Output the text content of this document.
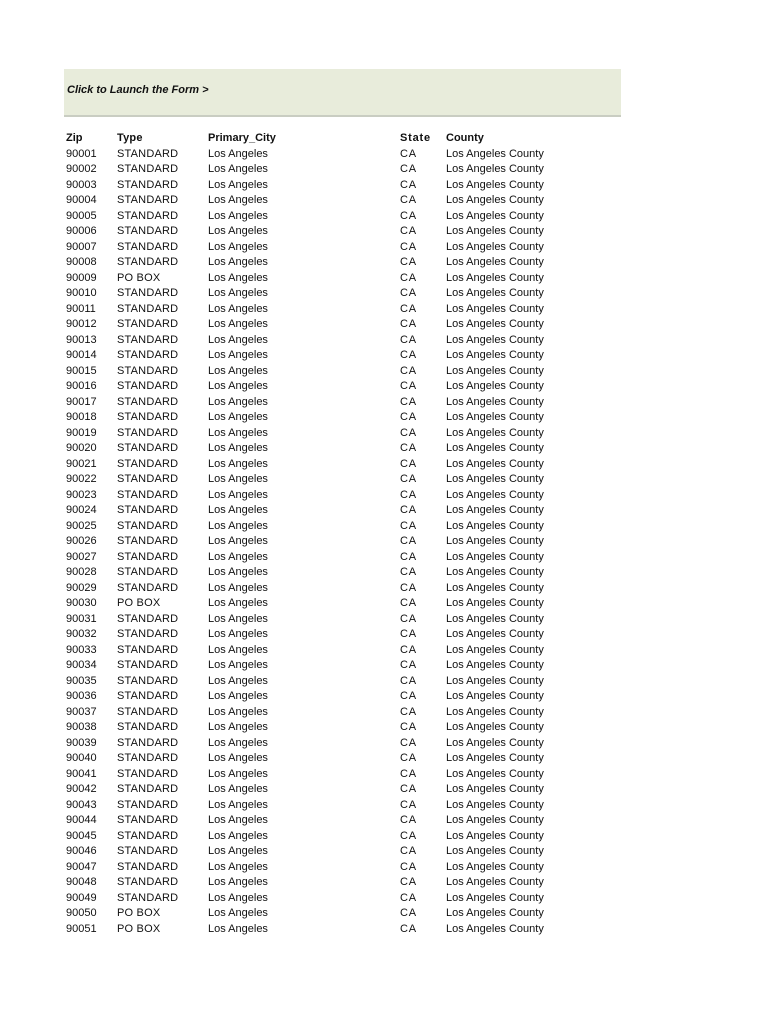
Click to Launch the Form >
Zip	Type	Primary_City	State County
90001 STANDARD	Los Angeles	CA	Los Angeles County
90002 STANDARD	Los Angeles	CA	Los Angeles County
90003 STANDARD	Los Angeles	CA	Los Angeles County
90004 STANDARD	Los Angeles	CA	Los Angeles County
90005 STANDARD	Los Angeles	CA	Los Angeles County
90006 STANDARD	Los Angeles	CA	Los Angeles County
90007 STANDARD	Los Angeles	CA	Los Angeles County
90008 STANDARD	Los Angeles	CA	Los Angeles County
90009 PO BOX	Los Angeles	CA	Los Angeles County
90010 STANDARD	Los Angeles	CA	Los Angeles County
90011 STANDARD	Los Angeles	CA	Los Angeles County
90012 STANDARD	Los Angeles	CA	Los Angeles County
90013 STANDARD	Los Angeles	CA	Los Angeles County
90014 STANDARD	Los Angeles	CA	Los Angeles County
90015 STANDARD	Los Angeles	CA	Los Angeles County
90016 STANDARD	Los Angeles	CA	Los Angeles County
90017 STANDARD	Los Angeles	CA	Los Angeles County
90018 STANDARD	Los Angeles	CA	Los Angeles County
90019 STANDARD	Los Angeles	CA	Los Angeles County
90020 STANDARD	Los Angeles	CA	Los Angeles County
90021 STANDARD	Los Angeles	CA	Los Angeles County
90022 STANDARD	Los Angeles	CA	Los Angeles County
90023 STANDARD	Los Angeles	CA	Los Angeles County
90024 STANDARD	Los Angeles	CA	Los Angeles County
90025 STANDARD	Los Angeles	CA	Los Angeles County
90026 STANDARD	Los Angeles	CA	Los Angeles County
90027 STANDARD	Los Angeles	CA	Los Angeles County
90028 STANDARD	Los Angeles	CA	Los Angeles County
90029 STANDARD	Los Angeles	CA	Los Angeles County
90030 PO BOX	Los Angeles	CA	Los Angeles County
90031 STANDARD	Los Angeles	CA	Los Angeles County
90032 STANDARD	Los Angeles	CA	Los Angeles County
90033 STANDARD	Los Angeles	CA	Los Angeles County
90034 STANDARD	Los Angeles	CA	Los Angeles County
90035 STANDARD	Los Angeles	CA	Los Angeles County
90036 STANDARD	Los Angeles	CA	Los Angeles County
90037 STANDARD	Los Angeles	CA	Los Angeles County
90038 STANDARD	Los Angeles	CA	Los Angeles County
90039 STANDARD	Los Angeles	CA	Los Angeles County
90040 STANDARD	Los Angeles	CA	Los Angeles County
90041 STANDARD	Los Angeles	CA	Los Angeles County
90042 STANDARD	Los Angeles	CA	Los Angeles County
90043 STANDARD	Los Angeles	CA	Los Angeles County
90044 STANDARD	Los Angeles	CA	Los Angeles County
90045 STANDARD	Los Angeles	CA	Los Angeles County
90046 STANDARD	Los Angeles	CA	Los Angeles County
90047 STANDARD	Los Angeles	CA	Los Angeles County
90048 STANDARD	Los Angeles	CA	Los Angeles County
90049 STANDARD	Los Angeles	CA	Los Angeles County
90050 PO BOX	Los Angeles	CA	Los Angeles County
90051 PO BOX	Los Angeles	CA	Los Angeles County
